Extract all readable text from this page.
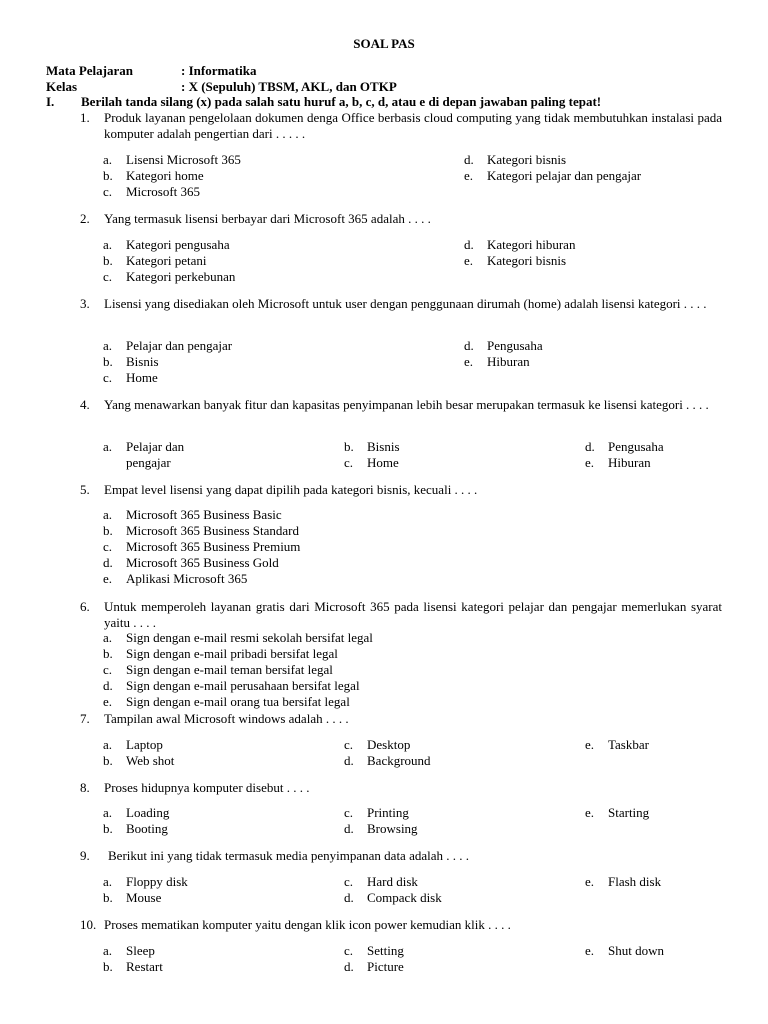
SOAL PAS
Mata Pelajaran	: Informatika
Kelas	: X (Sepuluh) TBSM, AKL, dan OTKP
I. Berilah tanda silang (x) pada salah satu huruf a, b, c, d, atau e di depan jawaban paling tepat!
1. Produk layanan pengelolaan dokumen denga Office berbasis cloud computing yang tidak membutuhkan instalasi pada komputer adalah pengertian dari . . . . .
a. Lisensi Microsoft 365
b. Kategori home
c. Microsoft 365
d. Kategori bisnis
e. Kategori pelajar dan pengajar
2. Yang termasuk lisensi berbayar dari Microsoft 365 adalah . . . .
a. Kategori pengusaha
b. Kategori petani
c. Kategori perkebunan
d. Kategori hiburan
e. Kategori bisnis
3. Lisensi yang disediakan oleh Microsoft untuk user dengan penggunaan dirumah (home) adalah lisensi kategori . . . .
a. Pelajar dan pengajar
b. Bisnis
c. Home
d. Pengusaha
e. Hiburan
4. Yang menawarkan banyak fitur dan kapasitas penyimpanan lebih besar merupakan termasuk ke lisensi kategori . . . .
a. Pelajar dan
pengajar
b. Bisnis
c. Home
d. Pengusaha
e. Hiburan
5. Empat level lisensi yang dapat dipilih pada kategori bisnis, kecuali . . . .
a. Microsoft 365 Business Basic
b. Microsoft 365 Business Standard
c. Microsoft 365 Business Premium
d. Microsoft 365 Business Gold
e. Aplikasi Microsoft 365
6. Untuk memperoleh layanan gratis dari Microsoft 365 pada lisensi kategori pelajar dan pengajar memerlukan syarat yaitu . . . .
a. Sign dengan e-mail resmi sekolah bersifat legal
b. Sign dengan e-mail pribadi bersifat legal
c. Sign dengan e-mail teman bersifat legal
d. Sign dengan e-mail perusahaan bersifat legal
e. Sign dengan e-mail orang tua bersifat legal
7. Tampilan awal Microsoft windows adalah . . . .
a. Laptop
b. Web shot
c. Desktop
d. Background
e. Taskbar
8. Proses hidupnya komputer disebut . . . .
a. Loading
b. Booting
c. Printing
d. Browsing
e. Starting
9. Berikut ini yang tidak termasuk media penyimpanan data adalah . . . .
a. Floppy disk
b. Mouse
c. Hard disk
d. Compack disk
e. Flash disk
10. Proses mematikan komputer yaitu dengan klik icon power kemudian klik . . . .
a. Sleep
b. Restart
c. Setting
d. Picture
e. Shut down
